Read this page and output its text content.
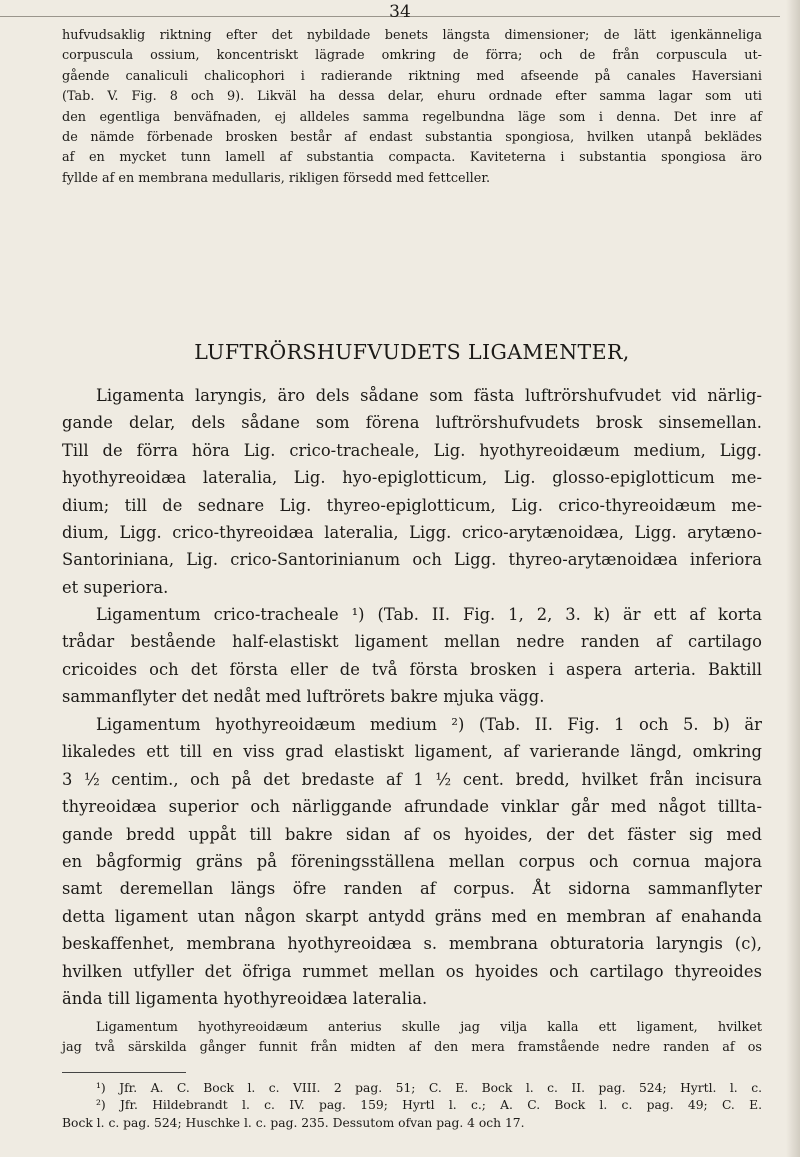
34
hufvudsaklig riktning efter det nybildade benets längsta dimensioner; de lätt igenkänneliga
corpuscula ossium, koncentriskt lägrade omkring de förra; och de från corpuscula ut-
gående canaliculi chalicophori i radierande riktning med afseende på canales Haversiani
(Tab. V. Fig. 8 och 9). Likväl ha dessa delar, ehuru ordnade efter samma lagar som uti
den egentliga benväfnaden, ej alldeles samma regelbundna läge som i denna. Det inre af
de nämde förbenade brosken består af endast substantia spongiosa, hvilken utanpå beklädes
af en mycket tunn lamell af substantia compacta. Kaviteterna i substantia spongiosa äro
fyllde af en membrana medullaris, rikligen försedd med fettceller.
LUFTRÖRSHUFVUDETS LIGAMENTER,
Ligamenta laryngis, äro dels sådane som fästa luftrörshufvudet vid närlig-
gande delar, dels sådane som förena luftrörshufvudets brosk sinsemellan.
Till de förra höra Lig. crico-tracheale, Lig. hyothyreoidæum medium, Ligg.
hyothyreoidæa lateralia, Lig. hyo-epiglotticum, Lig. glosso-epiglotticum me-
dium; till de sednare Lig. thyreo-epiglotticum, Lig. crico-thyreoidæum me-
dium, Ligg. crico-thyreoidæa lateralia, Ligg. crico-arytænoidæa, Ligg. arytæno-
Santoriniana, Lig. crico-Santorinianum och Ligg. thyreo-arytænoidæa inferiora
et superiora.
Ligamentum crico-tracheale ¹) (Tab. II. Fig. 1, 2, 3. k) är ett af korta
trådar bestående half-elastiskt ligament mellan nedre randen af cartilago
cricoides och det första eller de två första brosken i aspera arteria. Baktill
sammanflyter det nedåt med luftrörets bakre mjuka vägg.
Ligamentum hyothyreoidæum medium ²) (Tab. II. Fig. 1 och 5. b) är
likaledes ett till en viss grad elastiskt ligament, af varierande längd, omkring
3 ½ centim., och på det bredaste af 1 ½ cent. bredd, hvilket från incisura
thyreoidæa superior och närliggande afrundade vinklar går med något tillta-
gande bredd uppåt till bakre sidan af os hyoides, der det fäster sig med
en bågformig gräns på föreningsställena mellan corpus och cornua majora
samt deremellan längs öfre randen af corpus. Åt sidorna sammanflyter
detta ligament utan någon skarpt antydd gräns med en membran af enahanda
beskaffenhet, membrana hyothyreoidæa s. membrana obturatoria laryngis (c),
hvilken utfyller det öfriga rummet mellan os hyoides och cartilago thyreoides
ända till ligamenta hyothyreoidæa lateralia.
Ligamentum hyothyreoidæum anterius skulle jag vilja kalla ett ligament, hvilket
jag två särskilda gånger funnit från midten af den mera framstående nedre randen af os
¹) Jfr. A. C. Bock l. c. VIII. 2 pag. 51; C. E. Bock l. c. II. pag. 524; Hyrtl. l. c.
²) Jfr. Hildebrandt l. c. IV. pag. 159; Hyrtl l. c.; A. C. Bock l. c. pag. 49; C. E.
Bock l. c. pag. 524; Huschke l. c. pag. 235. Dessutom ofvan pag. 4 och 17.
